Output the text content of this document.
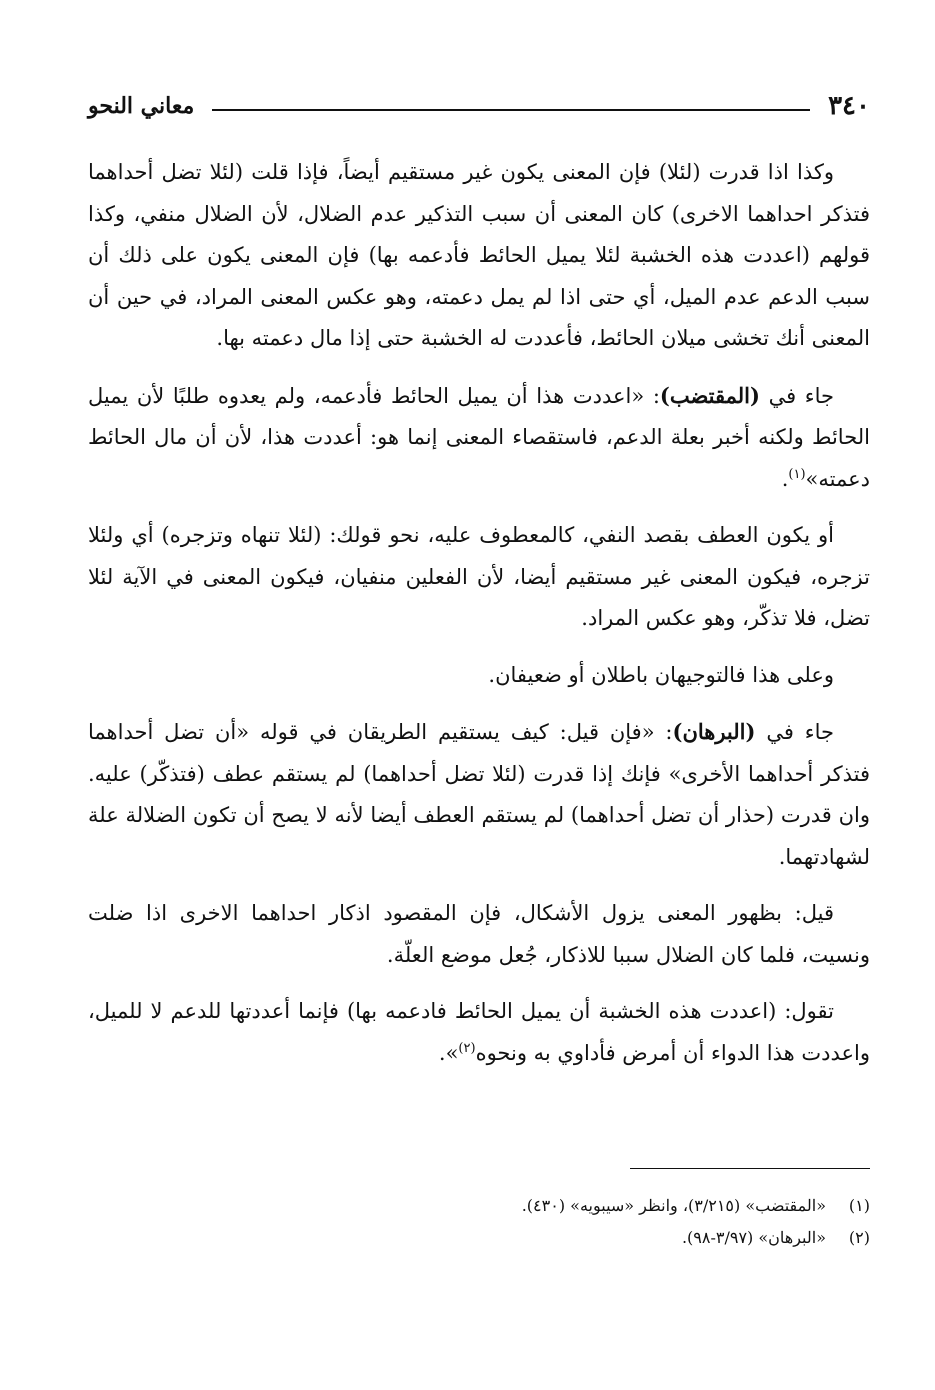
٣٤٠
معاني النحو

وكذا اذا قدرت (لئلا) فإن المعنى يكون غير مستقيم أيضاً، فإذا قلت (لئلا تضل أحداهما فتذكر احداهما الاخرى) كان المعنى أن سبب التذكير عدم الضلال، لأن الضلال منفي، وكذا قولهم (اعددت هذه الخشبة لئلا يميل الحائط فأدعمه بها) فإن المعنى يكون على ذلك أن سبب الدعم عدم الميل، أي حتى اذا لم يمل دعمته، وهو عكس المعنى المراد، في حين أن المعنى أنك تخشى ميلان الحائط، فأعددت له الخشبة حتى إذا مال دعمته بها.

جاء في (المقتضب): «اعددت هذا أن يميل الحائط فأدعمه، ولم يعدوه طلبًا لأن يميل الحائط ولكنه أخبر بعلة الدعم، فاستقصاء المعنى إنما هو: أعددت هذا، لأن أن مال الحائط دعمته»$^{(١)}$.

أو يكون العطف بقصد النفي، كالمعطوف عليه، نحو قولك: (لئلا تنهاه وتزجره) أي ولئلا تزجره، فيكون المعنى غير مستقيم أيضا، لأن الفعلين منفيان، فيكون المعنى في الآية لئلا تضل، فلا تذكّر، وهو عكس المراد.

وعلى هذا فالتوجيهان باطلان أو ضعيفان.

جاء في (البرهان): «فإن قيل: كيف يستقيم الطريقان في قوله «أن تضل أحداهما فتذكر أحداهما الأخرى» فإنك إذا قدرت (لئلا تضل أحداهما) لم يستقم عطف (فتذكّر) عليه. وان قدرت (حذار أن تضل أحداهما) لم يستقم العطف أيضا لأنه لا يصح أن تكون الضلالة علة لشهادتهما.

قيل: بظهور المعنى يزول الأشكال، فإن المقصود اذكار احداهما الاخرى اذا ضلت ونسيت، فلما كان الضلال سببا للاذكار، جُعل موضع العلّة.

تقول: (اعددت هذه الخشبة أن يميل الحائط فادعمه بها) فإنما أعددتها للدعم لا للميل، واعددت هذا الدواء أن أمرض فأداوي به ونحوه$^{(٢)}$».

(١)
«المقتضب» (٣/٢١٥)، وانظر «سيبويه» (٤٣٠).
(٢)
«البرهان» (٣/٩٧-٩٨).
